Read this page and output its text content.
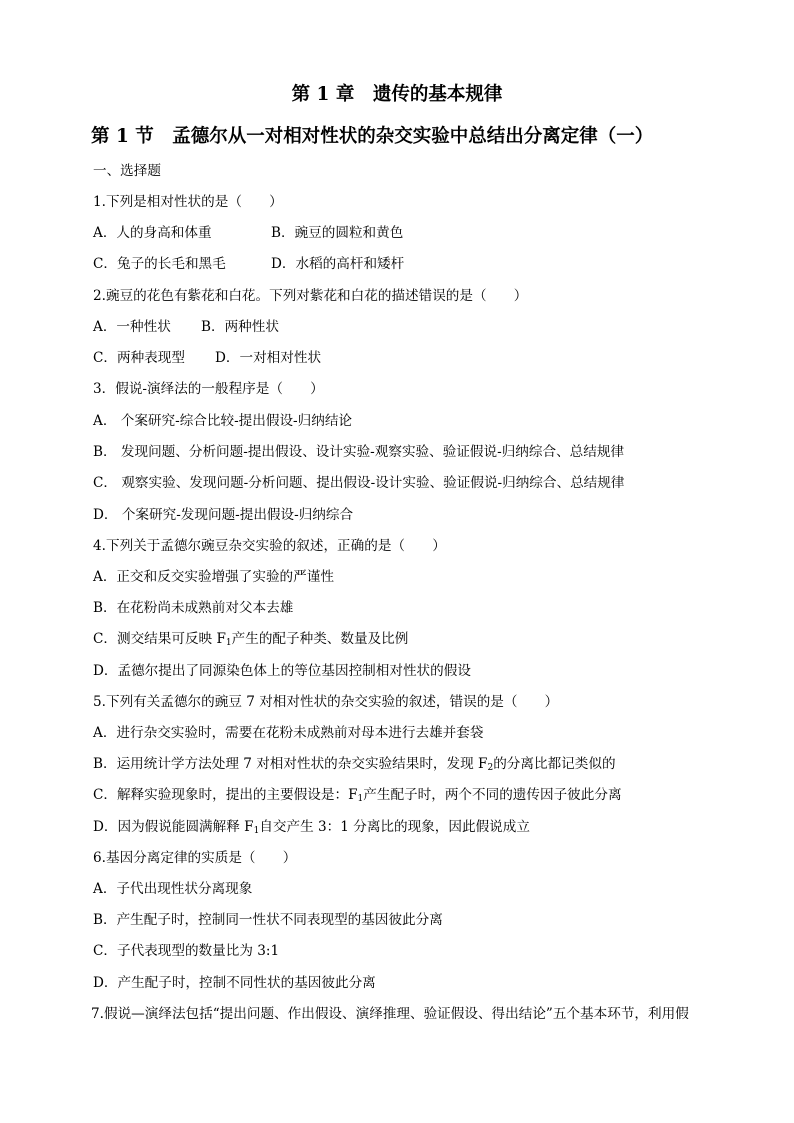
第 1 章　遗传的基本规律
第 1 节　孟德尔从一对相对性状的杂交实验中总结出分离定律（一）
一、选择题
1.下列是相对性状的是（　　）

A．人的身高和体重

	B．豌豆的圆粒和黄色

C．兔子的长毛和黑毛

	D．水稻的高杆和矮杆

2.豌豆的花色有紫花和白花。下列对紫花和白花的描述错误的是（　　）

A．一种性状

B．两种性状

C．两种表现型

D．一对相对性状

3．假说-演绎法的一般程序是（　　）
A． 个案研究-综合比较-提出假设-归纳结论
B． 发现问题、分析问题-提出假设、设计实验-观察实验、验证假说-归纳综合、总结规律
C． 观察实验、发现问题-分析问题、提出假设-设计实验、验证假说-归纳综合、总结规律
D． 个案研究-发现问题-提出假设-归纳综合
4.下列关于孟德尔豌豆杂交实验的叙述，正确的是（　　）
A．正交和反交实验增强了实验的严谨性
B．在花粉尚未成熟前对父本去雄
C．测交结果可反映 $F_1$产生的配子种类、数量及比例
D．孟德尔提出了同源染色体上的等位基因控制相对性状的假设
5.下列有关孟德尔的豌豆 7 对相对性状的杂交实验的叙述，错误的是（　　）
A．进行杂交实验时，需要在花粉未成熟前对母本进行去雄并套袋
B．运用统计学方法处理 7 对相对性状的杂交实验结果时，发现 $F_2$的分离比都记类似的
C．解释实验现象时，提出的主要假设是：$F_1$产生配子时，两个不同的遗传因子彼此分离
D．因为假说能圆满解释 $F_1$自交产生 3：1 分离比的现象，因此假说成立
6.基因分离定律的实质是（　　）
A．子代出现性状分离现象
B．产生配子时，控制同一性状不同表现型的基因彼此分离
C．子代表现型的数量比为 3:1
D．产生配子时，控制不同性状的基因彼此分离
7.假说—演绎法包括“提出问题、作出假设、演绎推理、验证假设、得出结论”五个基本环节，利用假
